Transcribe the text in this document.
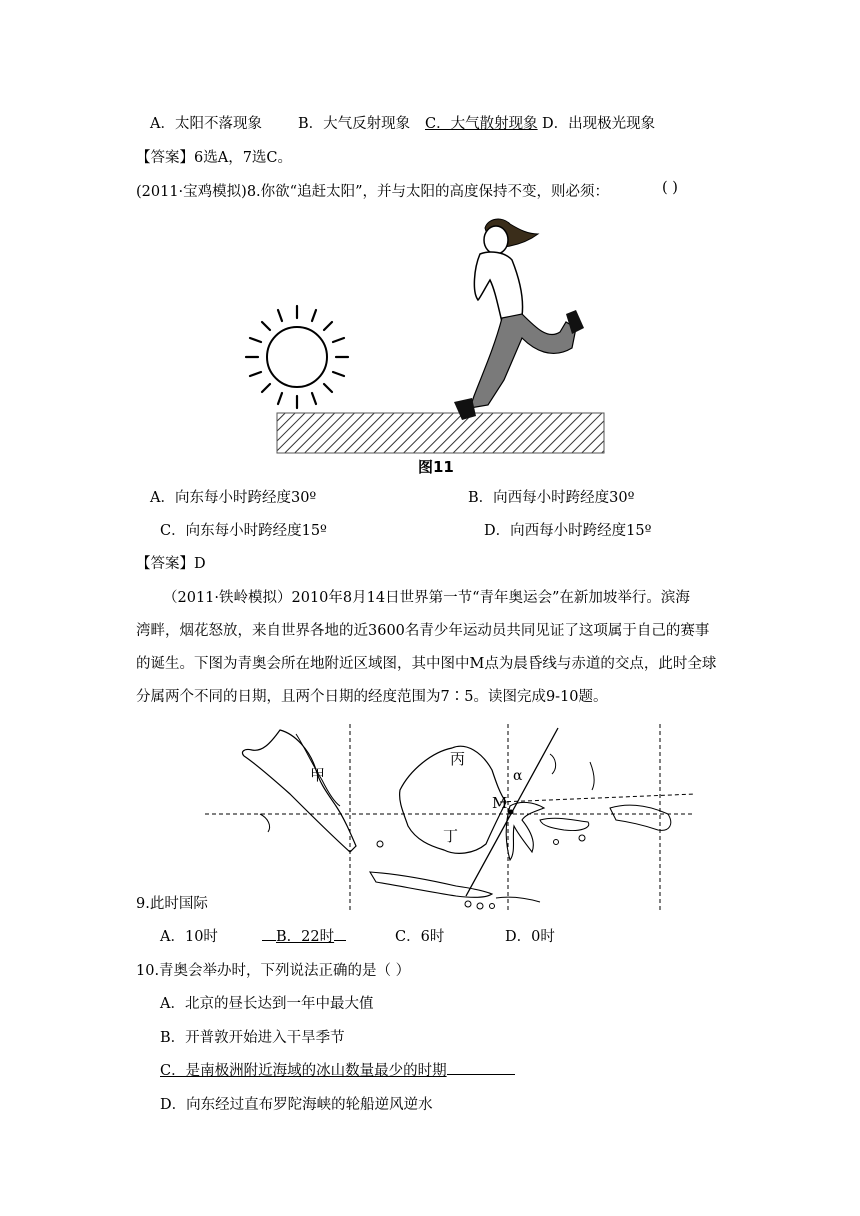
A．太阳不落现象 B．大气反射现象 C．大气散射现象 D．出现极光现象
【答案】6选A，7选C。
(2011·宝鸡模拟)8.你欲“追赶太阳”，并与太阳的高度保持不变，则必须：	( )
图11
A．向东每小时跨经度30º	B．向西每小时跨经度30º
C．向东每小时跨经度15º	D．向西每小时跨经度15º
【答案】D
（2011·铁岭模拟）2010年8月14日世界第一节“青年奥运会”在新加坡举行。滨海
湾畔，烟花怒放，来自世界各地的近3600名青少年运动员共同见证了这项属于自己的赛事
的诞生。下图为青奥会所在地附近区域图，其中图中M点为晨昏线与赤道的交点，此时全球
分属两个不同的日期，且两个日期的经度范围为7∶5。读图完成9-10题。
甲
丙
丁
M
α
9.此时国际
A．10时	B．22时	C．6时	D．0时
10.青奥会举办时，下列说法正确的是（ ）
A．北京的昼长达到一年中最大值
B．开普敦开始进入干旱季节
C．是南极洲附近海域的冰山数量最少的时期
D．向东经过直布罗陀海峡的轮船逆风逆水
